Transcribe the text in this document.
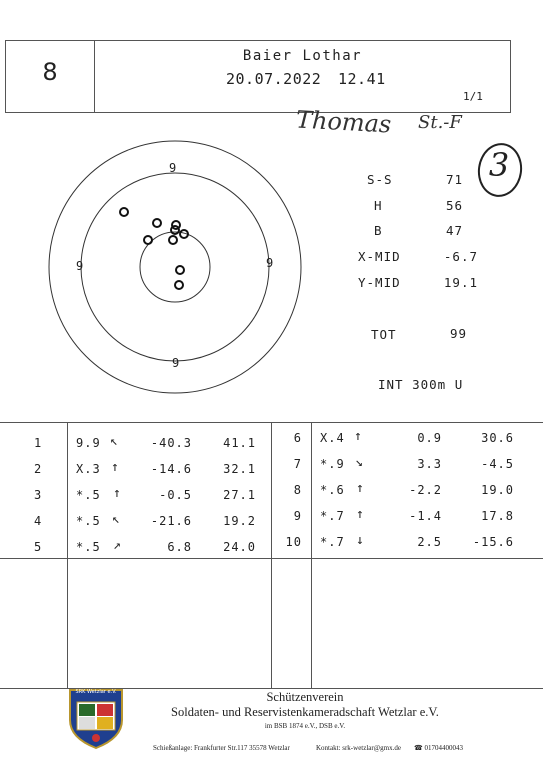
8
Baier Lothar
20.07.2022 12.41
1/1
Thomas St.-F
3
9
9	9
9
S-S	71
H	56
B	47
X-MID	-6.7
Y-MID	19.1
TOT	99
INT 300m U
1	9.9 ↖	-40.3	41.1
2	X.3 ↑	-14.6	32.1
3	*.5 ↑	-0.5	27.1
4	*.5 ↖	-21.6	19.2
5	*.5 ↗	6.8	24.0
6 X.4 ↑	0.9	30.6
7 *.9 ↘	3.3	-4.5
8 *.6 ↑	-2.2	19.0
9 *.7 ↑	-1.4	17.8
10 *.7 ↓	2.5	-15.6
SRK Wetzlar e.V.	Schützenverein
Soldaten- und Reservistenkameradschaft Wetzlar e.V.
im BSB 1874 e.V., DSB e.V.
Schießanlage: Frankfurter Str.117 35578 Wetzlar	Kontakt: srk-wetzlar@gmx.de ☎ 01704400043
